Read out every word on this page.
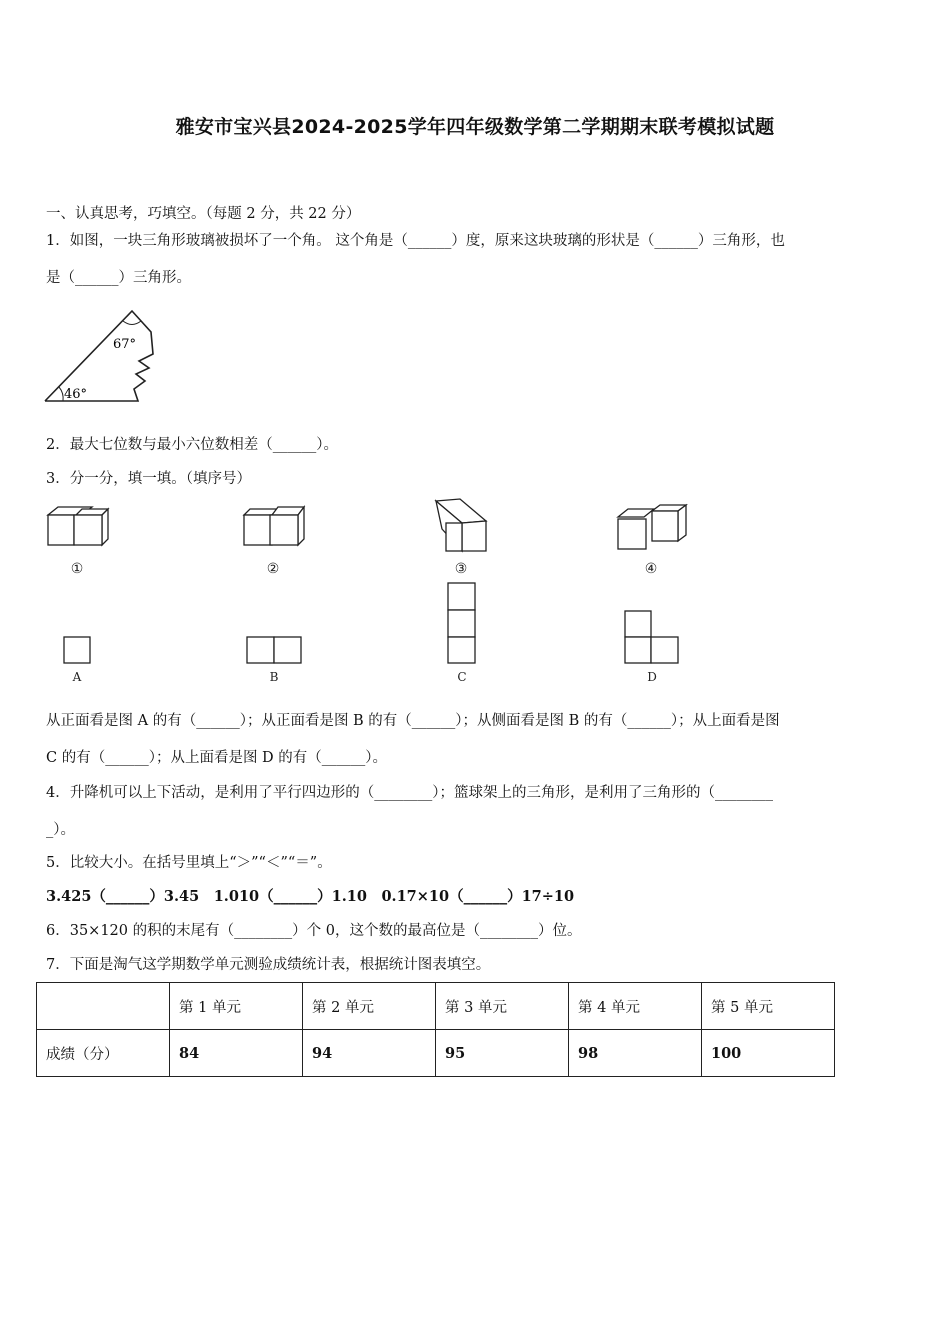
雅安市宝兴县2024-2025学年四年级数学第二学期期末联考模拟试题
一、认真思考，巧填空。（每题 2 分，共 22 分）
1．如图，一块三角形玻璃被损坏了一个角。 这个角是（______）度，原来这块玻璃的形状是（______）三角形，也
是（______）三角形。
67°
46°
2．最大七位数与最小六位数相差（______）。
3．分一分，填一填。（填序号）
①	②	③	④
A	B	C	D
从正面看是图 A 的有（______）；从正面看是图 B 的有（______）；从侧面看是图 B 的有（______）；从上面看是图
C 的有（______）；从上面看是图 D 的有（______）。
4．升降机可以上下活动，是利用了平行四边形的（________）；篮球架上的三角形，是利用了三角形的（________
_）。
5．比较大小。在括号里填上“＞”“＜”“＝”。
3.425（______）3.45　1.010（______）1.10　0.17×10（______）17÷10
6．35×120 的积的末尾有（________）个 0，这个数的最高位是（________）位。
7．下面是淘气这学期数学单元测验成绩统计表，根据统计图表填空。
	第 1 单元	第 2 单元	第 3 单元	第 4 单元	第 5 单元
成绩（分）	84	94	95	98	100
